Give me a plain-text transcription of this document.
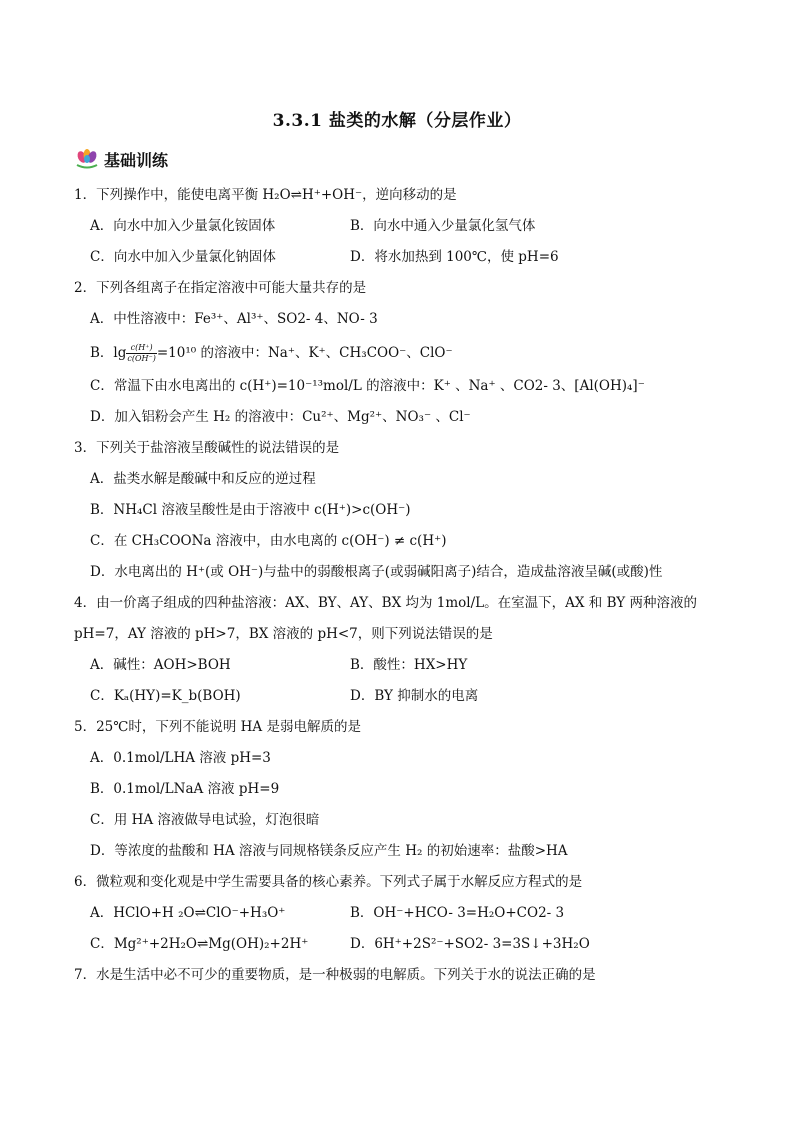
3.3.1 盐类的水解（分层作业）
基础训练
1．下列操作中，能使电离平衡 H₂O⇌H⁺+OH⁻，逆向移动的是
A．向水中加入少量氯化铵固体	B．向水中通入少量氯化氢气体
C．向水中加入少量氯化钠固体	D．将水加热到 100℃，使 pH=6
2．下列各组离子在指定溶液中可能大量共存的是
A．中性溶液中：Fe³⁺、Al³⁺、SO2- 4、NO- 3
B．$\lg \frac{c(H^+)}{c(OH^-)} =10^{10}$ 的溶液中：Na⁺、K⁺、CH₃COO⁻、ClO⁻
C．常温下由水电离出的 c(H⁺)=10⁻¹³mol/L 的溶液中：K⁺ 、Na⁺ 、CO2- 3、[Al(OH)₄]⁻
D．加入铝粉会产生 H₂ 的溶液中：Cu²⁺、Mg²⁺、NO₃⁻ 、Cl⁻
3．下列关于盐溶液呈酸碱性的说法错误的是
A．盐类水解是酸碱中和反应的逆过程
B．NH₄Cl 溶液呈酸性是由于溶液中 c(H⁺)>c(OH⁻)
C．在 CH₃COONa 溶液中，由水电离的 c(OH⁻) ≠ c(H⁺)
D．水电离出的 H⁺(或 OH⁻)与盐中的弱酸根离子(或弱碱阳离子)结合，造成盐溶液呈碱(或酸)性
4．由一价离子组成的四种盐溶液：AX、BY、AY、BX 均为 1mol/L。在室温下，AX 和 BY 两种溶液的pH=7，AY 溶液的 pH>7，BX 溶液的 pH<7，则下列说法错误的是
A．碱性：AOH>BOH	B．酸性：HX>HY
C．Kₐ(HY)=K_b(BOH)	D．BY 抑制水的电离
5．25℃时，下列不能说明 HA 是弱电解质的是
A．0.1mol/LHA 溶液 pH=3
B．0.1mol/LNaA 溶液 pH=9
C．用 HA 溶液做导电试验，灯泡很暗
D．等浓度的盐酸和 HA 溶液与同规格镁条反应产生 H₂ 的初始速率：盐酸>HA
6．微粒观和变化观是中学生需要具备的核心素养。下列式子属于水解反应方程式的是
A．HClO+H ₂O⇌ClO⁻+H₃O⁺	B．OH⁻+HCO- 3=H₂O+CO2- 3
C．Mg²⁺+2H₂O⇌Mg(OH)₂+2H⁺	D．6H⁺+2S²⁻+SO2- 3=3S↓+3H₂O
7．水是生活中必不可少的重要物质，是一种极弱的电解质。下列关于水的说法正确的是
